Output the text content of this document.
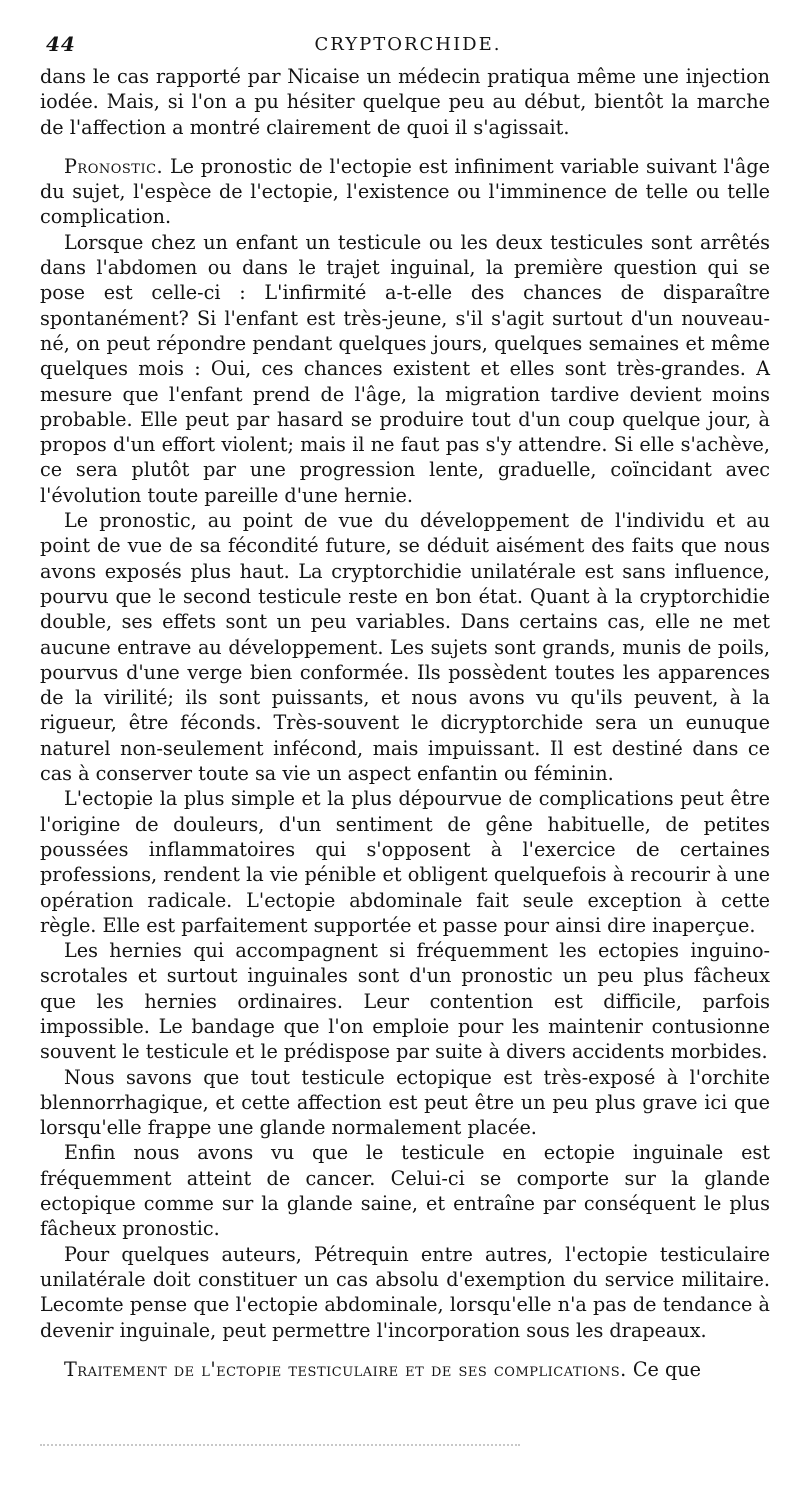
44	CRYPTORCHIDE.

dans le cas rapporté par Nicaise un médecin pratiqua même une injection iodée. Mais, si l'on a pu hésiter quelque peu au début, bientôt la marche de l'affection a montré clairement de quoi il s'agissait.

Pronostic. Le pronostic de l'ectopie est infiniment variable suivant l'âge du sujet, l'espèce de l'ectopie, l'existence ou l'imminence de telle ou telle complication.

Lorsque chez un enfant un testicule ou les deux testicules sont arrêtés dans l'abdomen ou dans le trajet inguinal, la première question qui se pose est celle-ci : L'infirmité a-t-elle des chances de disparaître spontanément? Si l'enfant est très-jeune, s'il s'agit surtout d'un nouveau-né, on peut répondre pendant quelques jours, quelques semaines et même quelques mois : Oui, ces chances existent et elles sont très-grandes. A mesure que l'enfant prend de l'âge, la migration tardive devient moins probable. Elle peut par hasard se produire tout d'un coup quelque jour, à propos d'un effort violent; mais il ne faut pas s'y attendre. Si elle s'achève, ce sera plutôt par une progression lente, graduelle, coïncidant avec l'évolution toute pareille d'une hernie.

Le pronostic, au point de vue du développement de l'individu et au point de vue de sa fécondité future, se déduit aisément des faits que nous avons exposés plus haut. La cryptorchidie unilatérale est sans influence, pourvu que le second testicule reste en bon état. Quant à la cryptorchidie double, ses effets sont un peu variables. Dans certains cas, elle ne met aucune entrave au développement. Les sujets sont grands, munis de poils, pourvus d'une verge bien conformée. Ils possèdent toutes les apparences de la virilité; ils sont puissants, et nous avons vu qu'ils peuvent, à la rigueur, être féconds. Très-souvent le dicryptorchide sera un eunuque naturel non-seulement infécond, mais impuissant. Il est destiné dans ce cas à conserver toute sa vie un aspect enfantin ou féminin.

L'ectopie la plus simple et la plus dépourvue de complications peut être l'origine de douleurs, d'un sentiment de gêne habituelle, de petites poussées inflammatoires qui s'opposent à l'exercice de certaines professions, rendent la vie pénible et obligent quelquefois à recourir à une opération radicale. L'ectopie abdominale fait seule exception à cette règle. Elle est parfaitement supportée et passe pour ainsi dire inaperçue.

Les hernies qui accompagnent si fréquemment les ectopies inguino-scrotales et surtout inguinales sont d'un pronostic un peu plus fâcheux que les hernies ordinaires. Leur contention est difficile, parfois impossible. Le bandage que l'on emploie pour les maintenir contusionne souvent le testicule et le prédispose par suite à divers accidents morbides.

Nous savons que tout testicule ectopique est très-exposé à l'orchite blennorrhagique, et cette affection est peut être un peu plus grave ici que lorsqu'elle frappe une glande normalement placée.

Enfin nous avons vu que le testicule en ectopie inguinale est fréquemment atteint de cancer. Celui-ci se comporte sur la glande ectopique comme sur la glande saine, et entraîne par conséquent le plus fâcheux pronostic.

Pour quelques auteurs, Pétrequin entre autres, l'ectopie testiculaire unilatérale doit constituer un cas absolu d'exemption du service militaire. Lecomte pense que l'ectopie abdominale, lorsqu'elle n'a pas de tendance à devenir inguinale, peut permettre l'incorporation sous les drapeaux.

Traitement de l'ectopie testiculaire et de ses complications. Ce que
